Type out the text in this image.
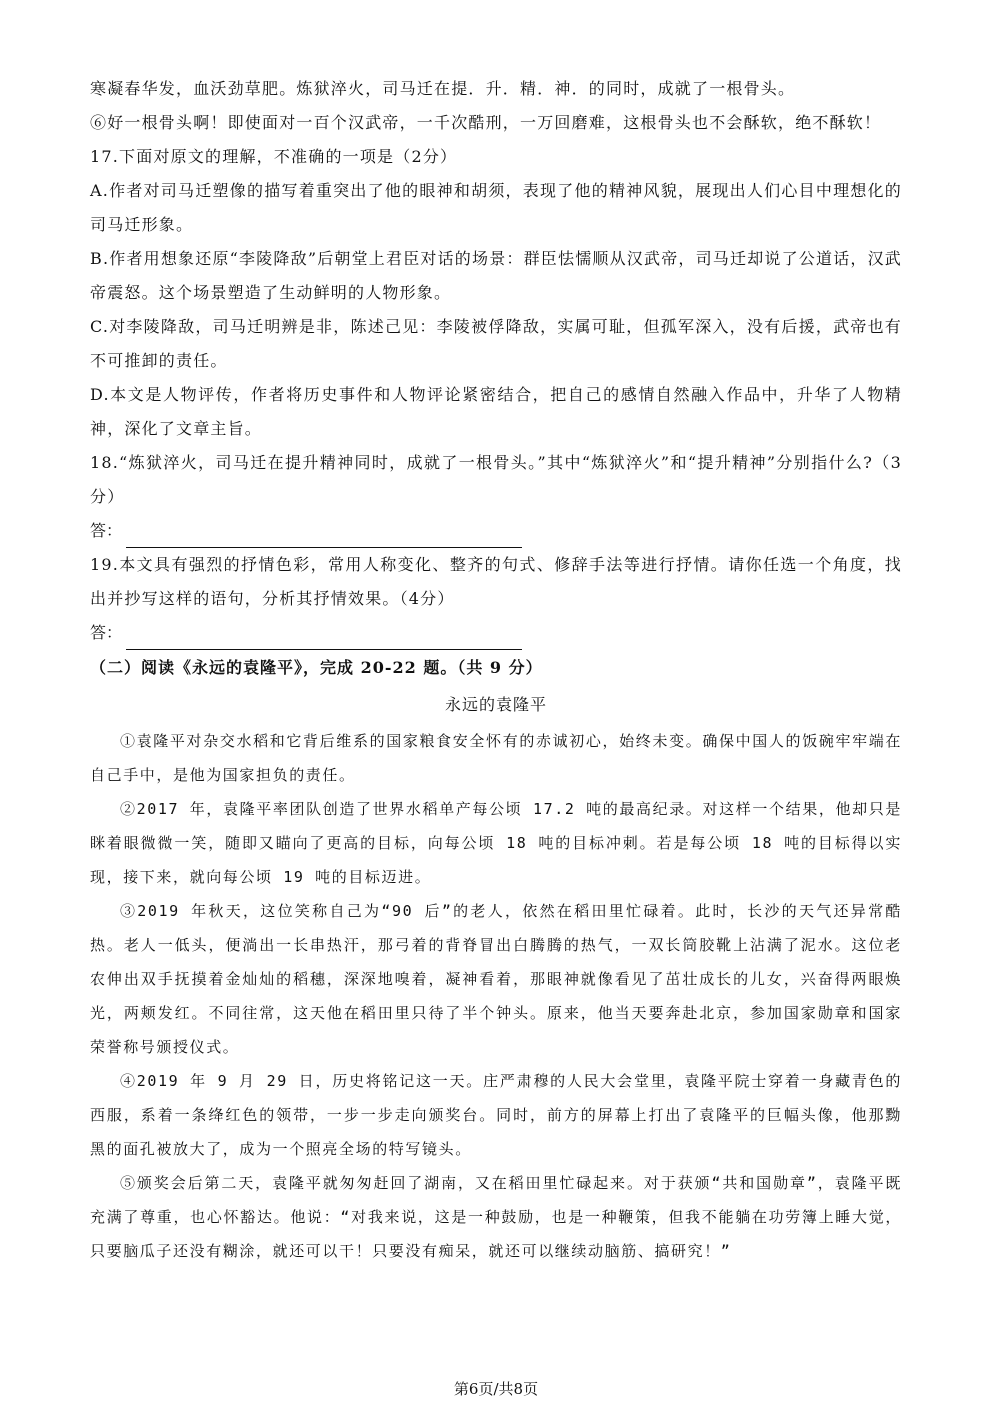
寒凝春华发，血沃劲草肥。炼狱淬火，司马迁在提．升．精．神．的同时，成就了一根骨头。
⑥好一根骨头啊！即使面对一百个汉武帝，一千次酷刑，一万回磨难，这根骨头也不会酥软，绝不酥软！
17.下面对原文的理解，不准确的一项是（2分）
A.作者对司马迁塑像的描写着重突出了他的眼神和胡须，表现了他的精神风貌，展现出人们心目中理想化的司马迁形象。
B.作者用想象还原“李陵降敌”后朝堂上君臣对话的场景：群臣怯懦顺从汉武帝，司马迁却说了公道话，汉武帝震怒。这个场景塑造了生动鲜明的人物形象。
C.对李陵降敌，司马迁明辨是非，陈述己见：李陵被俘降敌，实属可耻，但孤军深入，没有后援，武帝也有不可推卸的责任。
D.本文是人物评传，作者将历史事件和人物评论紧密结合，把自己的感情自然融入作品中，升华了人物精神，深化了文章主旨。
18.“炼狱淬火，司马迁在提升精神同时，成就了一根骨头。”其中“炼狱淬火”和“提升精神”分别指什么?（3分）
答：
19.本文具有强烈的抒情色彩，常用人称变化、整齐的句式、修辞手法等进行抒情。请你任选一个角度，找出并抄写这样的语句，分析其抒情效果。（4分）
答：
（二）阅读《永远的袁隆平》，完成 20-22 题。（共 9 分）
永远的袁隆平
①袁隆平对杂交水稻和它背后维系的国家粮食安全怀有的赤诚初心，始终未变。确保中国人的饭碗牢牢端在自己手中，是他为国家担负的责任。
②2017 年，袁隆平率团队创造了世界水稻单产每公顷 17.2 吨的最高纪录。对这样一个结果，他却只是眯着眼微微一笑，随即又瞄向了更高的目标，向每公顷 18 吨的目标冲刺。若是每公顷 18 吨的目标得以实现，接下来，就向每公顷 19 吨的目标迈进。
③2019 年秋天，这位笑称自己为“90 后”的老人，依然在稻田里忙碌着。此时，长沙的天气还异常酷热。老人一低头，便淌出一长串热汗，那弓着的背脊冒出白腾腾的热气，一双长筒胶靴上沾满了泥水。这位老农伸出双手抚摸着金灿灿的稻穗，深深地嗅着，凝神看着，那眼神就像看见了茁壮成长的儿女，兴奋得两眼焕光，两颊发红。不同往常，这天他在稻田里只待了半个钟头。原来，他当天要奔赴北京，参加国家勋章和国家荣誉称号颁授仪式。
④2019 年 9 月 29 日，历史将铭记这一天。庄严肃穆的人民大会堂里，袁隆平院士穿着一身藏青色的西服，系着一条绛红色的领带，一步一步走向颁奖台。同时，前方的屏幕上打出了袁隆平的巨幅头像，他那黝黑的面孔被放大了，成为一个照亮全场的特写镜头。
⑤颁奖会后第二天，袁隆平就匆匆赶回了湖南，又在稻田里忙碌起来。对于获颁“共和国勋章”，袁隆平既充满了尊重，也心怀豁达。他说：“对我来说，这是一种鼓励，也是一种鞭策，但我不能躺在功劳簿上睡大觉，只要脑瓜子还没有糊涂，就还可以干！只要没有痴呆，就还可以继续动脑筋、搞研究！”
第6页/共8页
